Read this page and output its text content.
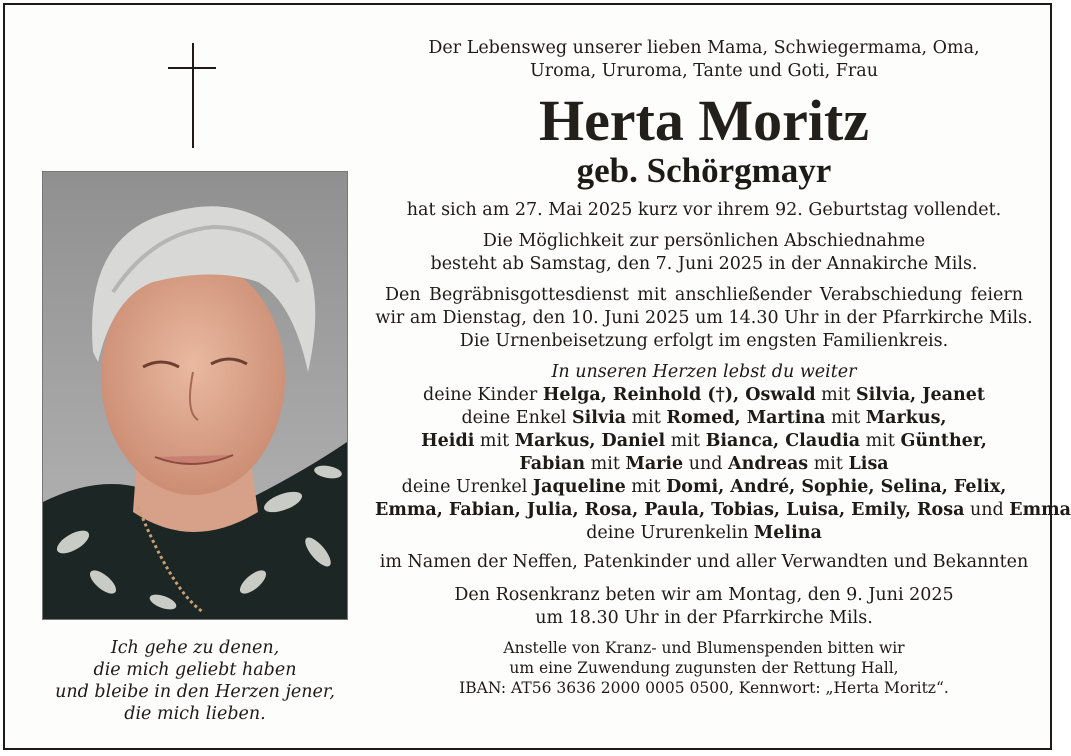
Ich gehe zu denen,
die mich geliebt haben
und bleibe in den Herzen jener,
die mich lieben.
Der Lebensweg unserer lieben Mama, Schwiegermama, Oma,
Uroma, Ururoma, Tante und Goti, Frau
Herta Moritz
geb. Schörgmayr
hat sich am 27. Mai 2025 kurz vor ihrem 92. Geburtstag vollendet.
Die Möglichkeit zur persönlichen Abschiednahme
besteht ab Samstag, den 7. Juni 2025 in der Annakirche Mils.
Den Begräbnisgottesdienst mit anschließender Verabschiedung feiern
wir am Dienstag, den 10. Juni 2025 um 14.30 Uhr in der Pfarrkirche Mils.
Die Urnenbeisetzung erfolgt im engsten Familienkreis.
In unseren Herzen lebst du weiter
deine Kinder Helga, Reinhold (†), Oswald mit Silvia, Jeanet
deine Enkel Silvia mit Romed, Martina mit Markus,
Heidi mit Markus, Daniel mit Bianca, Claudia mit Günther,
Fabian mit Marie und Andreas mit Lisa
deine Urenkel Jaqueline mit Domi, André, Sophie, Selina, Felix,
Emma, Fabian, Julia, Rosa, Paula, Tobias, Luisa, Emily, Rosa und Emma
deine Ururenkelin Melina
im Namen der Neffen, Patenkinder und aller Verwandten und Bekannten
Den Rosenkranz beten wir am Montag, den 9. Juni 2025
um 18.30 Uhr in der Pfarrkirche Mils.
Anstelle von Kranz- und Blumenspenden bitten wir
um eine Zuwendung zugunsten der Rettung Hall,
IBAN: AT56 3636 2000 0005 0500, Kennwort: „Herta Moritz“.
